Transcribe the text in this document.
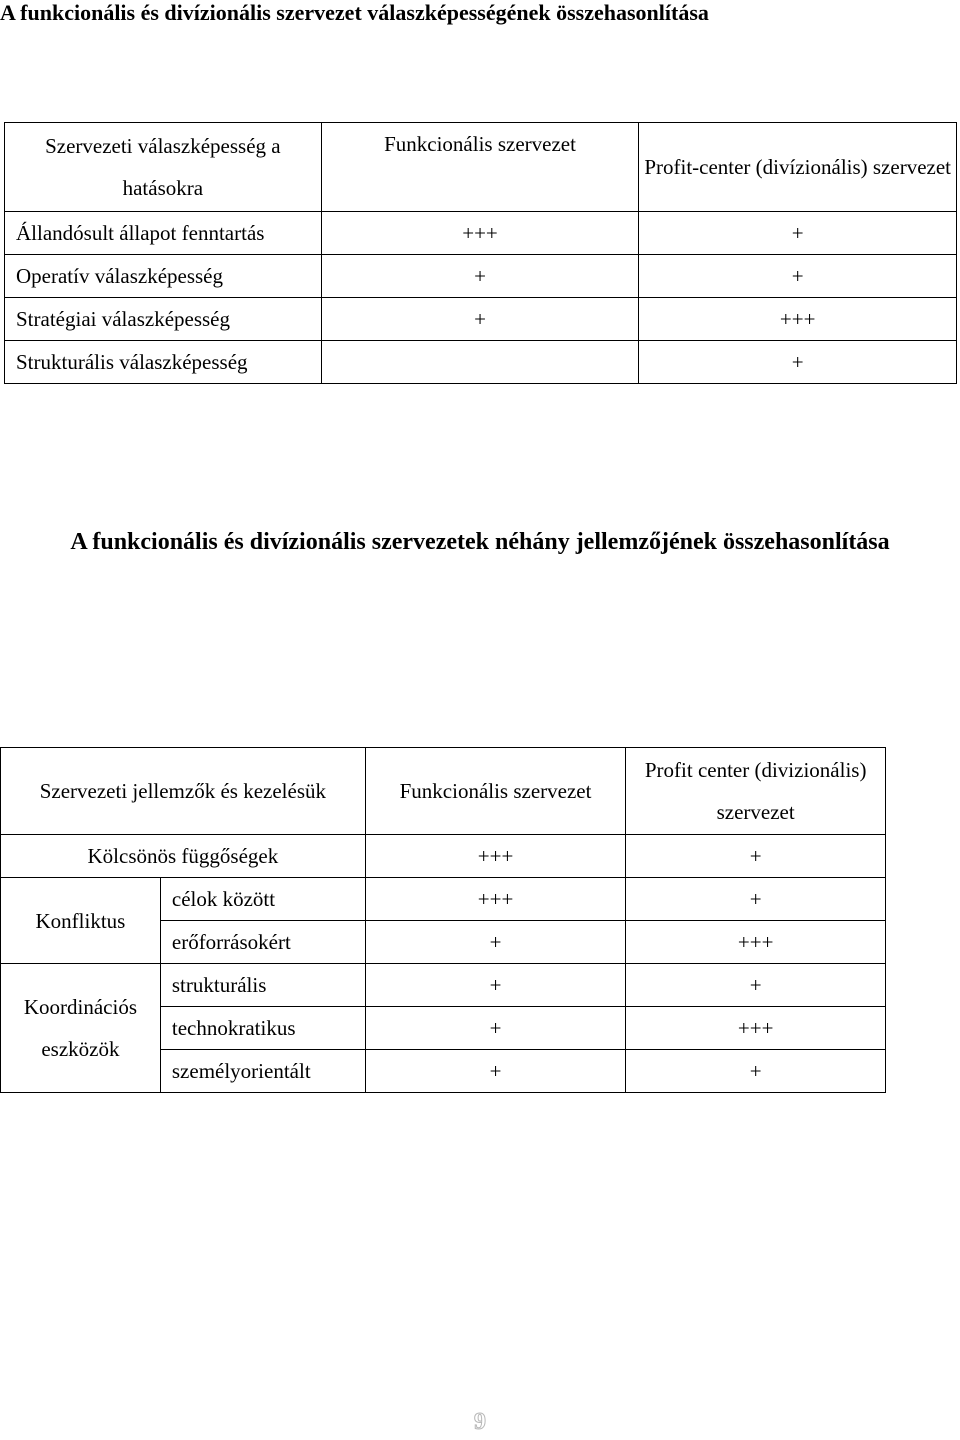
A funkcionális és divízionális szervezet válaszképességének összehasonlítása
Szervezeti válaszképesség a hatásokra	Funkcionális szervezet	Profit-center (divízionális) szervezet
Állandósult állapot fenntartás	+++	+
Operatív válaszképesség	+	+
Stratégiai válaszképesség	+	+++
Strukturális válaszképesség		+
A funkcionális és divízionális szervezetek néhány jellemzőjének összehasonlítása
Szervezeti jellemzők és kezelésük		Funkcionális szervezet	Profit center (divizionális) szervezet
Kölcsönös függőségek		+++	+
Konfliktus	célok között	+++	+
	erőforrásokért	+	+++
Koordinációs eszközök	strukturális	+	+
	technokratikus	+	+++
	személyorientált	+	+
9
